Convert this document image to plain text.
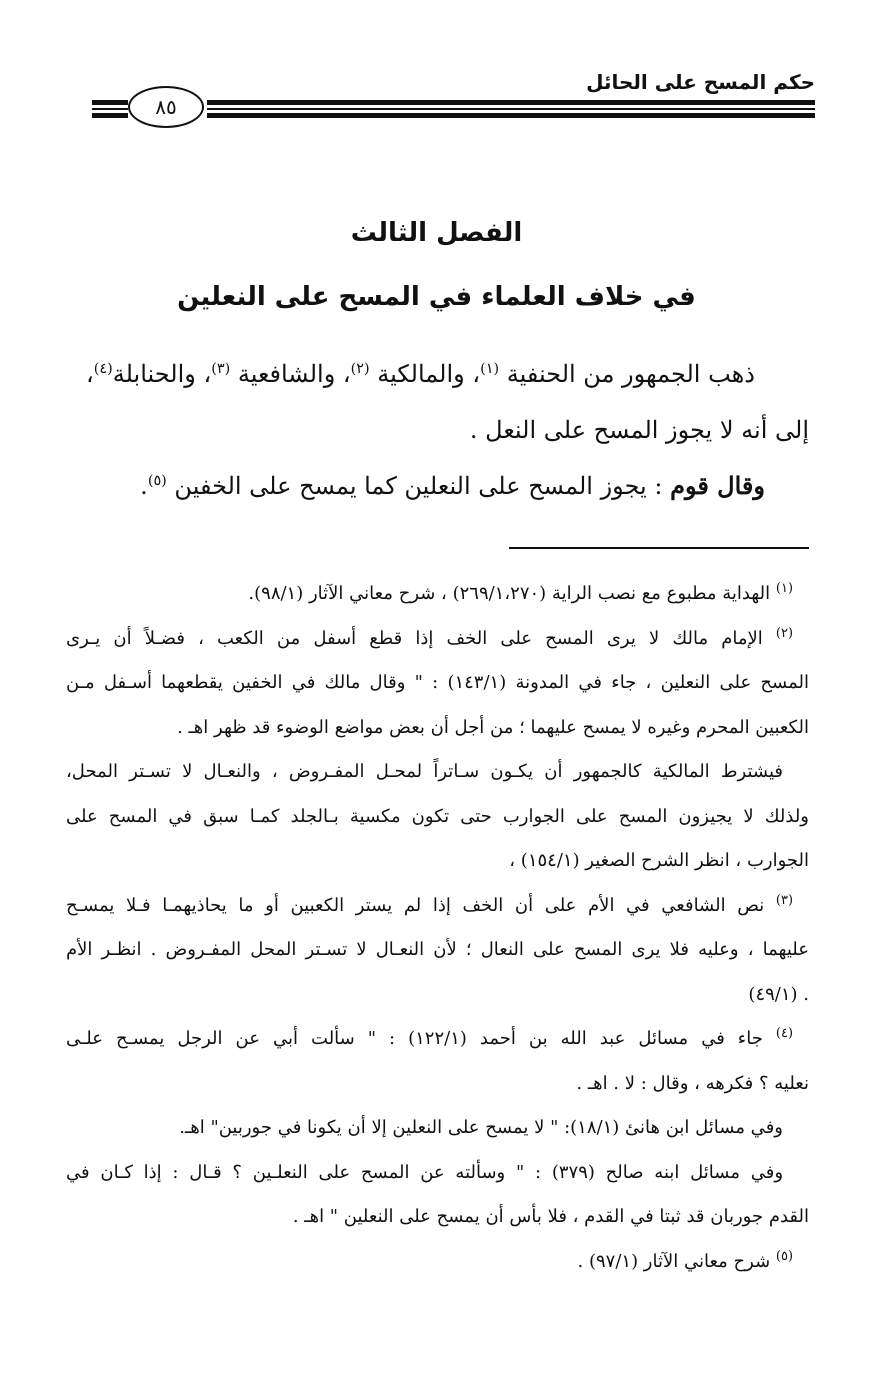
حكم المسح على الحائل
٨٥
الفصل الثالث
في خلاف العلماء في المسح على النعلين
ذهب الجمهور من الحنفية $^{(١)}$، والمالكية $^{(٢)}$، والشافعية $^{(٣)}$، والحنابلة$^{(٤)}$،
إلى أنه لا يجوز المسح على النعل .
وقال قوم : يجوز المسح على النعلين كما يمسح على الخفين $^{(٥)}$.
$^{(١)}$ الهداية مطبوع مع نصب الراية (٢٦٩/١،٢٧٠) ، شرح معاني الآثار (٩٨/١).
$^{(٢)}$ الإمام مالك لا يرى المسح على الخف إذا قطع أسفل من الكعب ، فضـلاً أن يـرى
المسح على النعلين ، جاء في المدونة (١٤٣/١) : " وقال مالك في الخفين يقطعهما أسـفل مـن
الكعبين المحرم وغيره لا يمسح عليهما ؛ من أجل أن بعض مواضع الوضوء قد ظهر اهـ .
فيشترط المالكية كالجمهور أن يكـون سـاتراً لمحـل المفـروض ، والنعـال لا تسـتر المحل،
ولذلك لا يجيزون المسح على الجوارب حتى تكون مكسية بـالجلد كمـا سبق في المسح على
الجوارب ، انظر الشرح الصغير (١٥٤/١) ،
$^{(٣)}$ نص الشافعي في الأم على أن الخف إذا لم يستر الكعبين أو ما يحاذيهمـا فـلا يمسـح
عليهما ، وعليه فلا يرى المسح على النعال ؛ لأن النعـال لا تسـتر المحل المفـروض . انظـر الأم
. (٤٩/١)
$^{(٤)}$ جاء في مسائل عبد الله بن أحمد (١٢٢/١) : " سألت أبي عن الرجل يمسـح علـى
نعليه ؟ فكرهه ، وقال : لا . اهـ .
وفي مسائل ابن هانئ (١٨/١): " لا يمسح على النعلين إلا أن يكونا في جوربين" اهـ.
وفي مسائل ابنه صالح (٣٧٩) : " وسألته عن المسح على النعلـين ؟ قـال : إذا كـان في
القدم جوربان قد ثبتا في القدم ، فلا بأس أن يمسح على النعلين " اهـ .
$^{(٥)}$ شرح معاني الآثار (٩٧/١) .
